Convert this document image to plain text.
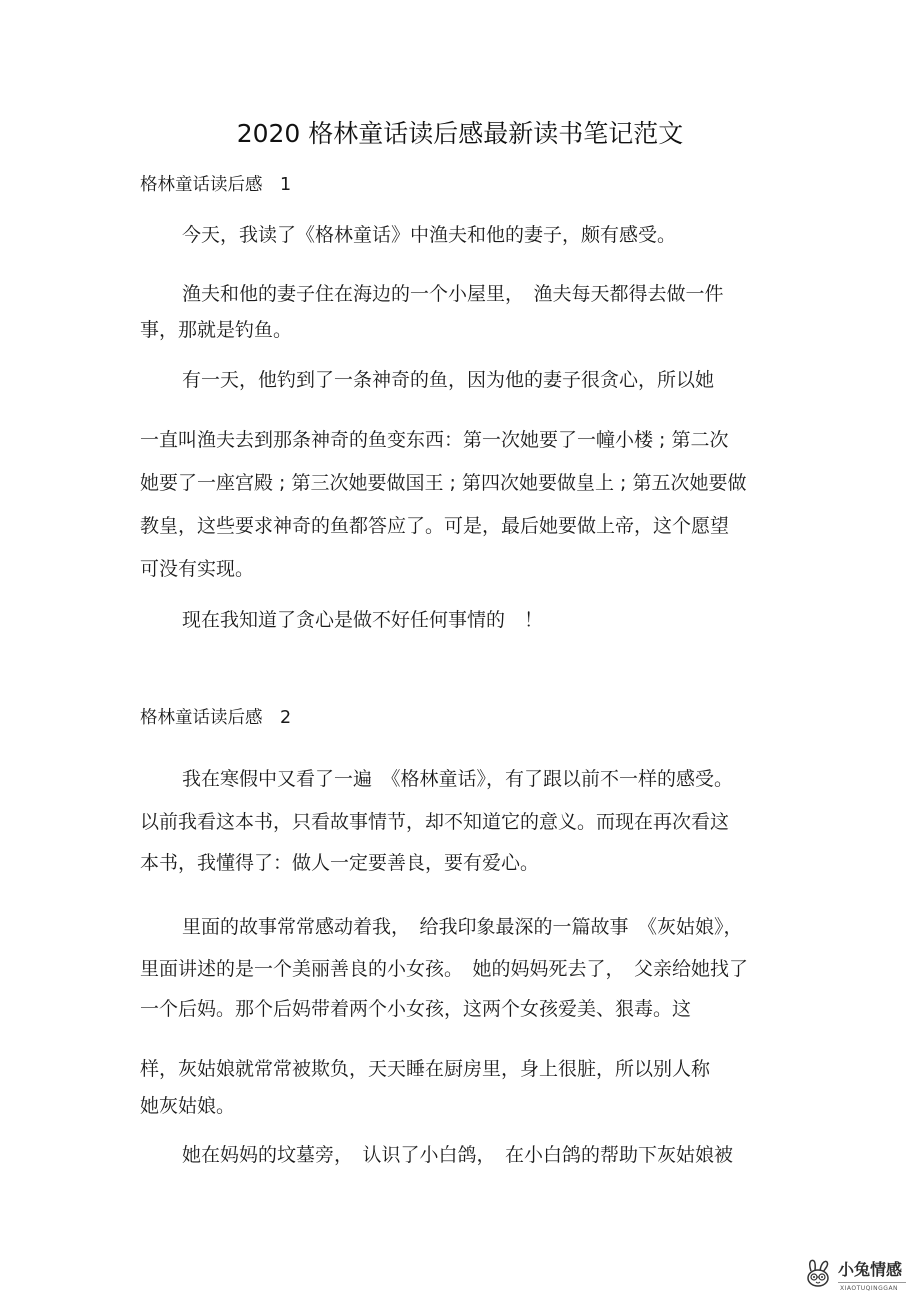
2020 格林童话读后感最新读书笔记范文
格林童话读后感　1
今天，我读了《格林童话》中渔夫和他的妻子，颇有感受。
渔夫和他的妻子住在海边的一个小屋里，　渔夫每天都得去做一件
事，那就是钓鱼。
有一天，他钓到了一条神奇的鱼，因为他的妻子很贪心，所以她
一直叫渔夫去到那条神奇的鱼变东西：第一次她要了一幢小楼 ; 第二次
她要了一座宫殿 ; 第三次她要做国王 ; 第四次她要做皇上 ; 第五次她要做
教皇，这些要求神奇的鱼都答应了。可是，最后她要做上帝，这个愿望
可没有实现。
现在我知道了贪心是做不好任何事情的　！
格林童话读后感　2
我在寒假中又看了一遍　《格林童话》，有了跟以前不一样的感受。
以前我看这本书，只看故事情节，却不知道它的意义。而现在再次看这
本书，我懂得了：做人一定要善良，要有爱心。
里面的故事常常感动着我，　给我印象最深的一篇故事　《灰姑娘》，
里面讲述的是一个美丽善良的小女孩。　她的妈妈死去了，　父亲给她找了
一个后妈。那个后妈带着两个小女孩，这两个女孩爱美、狠毒。这
样，灰姑娘就常常被欺负，天天睡在厨房里，身上很脏，所以别人称
她灰姑娘。
她在妈妈的坟墓旁，　认识了小白鸽，　在小白鸽的帮助下灰姑娘被
小兔情感
XIAOTUQINGGAN
